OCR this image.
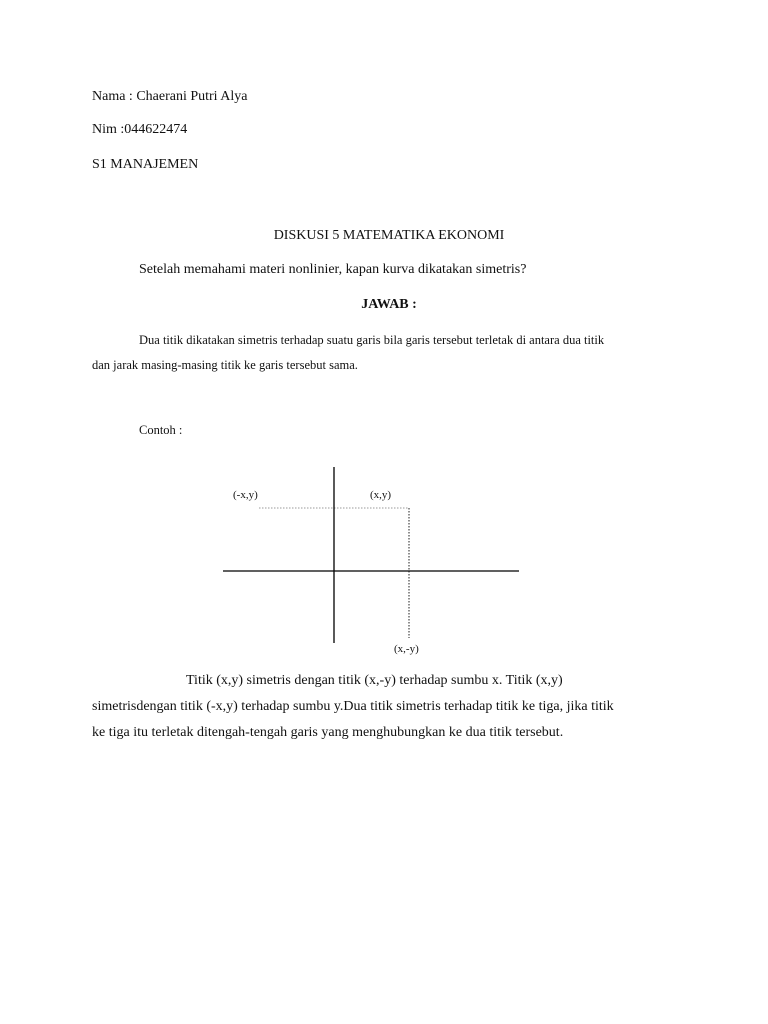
Nama : Chaerani Putri Alya
Nim :044622474
S1 MANAJEMEN
DISKUSI 5 MATEMATIKA EKONOMI
Setelah memahami materi nonlinier, kapan kurva dikatakan simetris?
JAWAB :
Dua titik dikatakan simetris terhadap suatu garis bila garis tersebut terletak di antara dua titik
dan jarak masing-masing titik ke garis tersebut sama.
Contoh :
(-x,y)	(x,y)
(x,-y)
Titik (x,y) simetris dengan titik (x,-y) terhadap sumbu x. Titik (x,y)
simetrisdengan titik (-x,y) terhadap sumbu y.Dua titik simetris terhadap titik ke tiga, jika titik
ke tiga itu terletak ditengah-tengah garis yang menghubungkan ke dua titik tersebut.
